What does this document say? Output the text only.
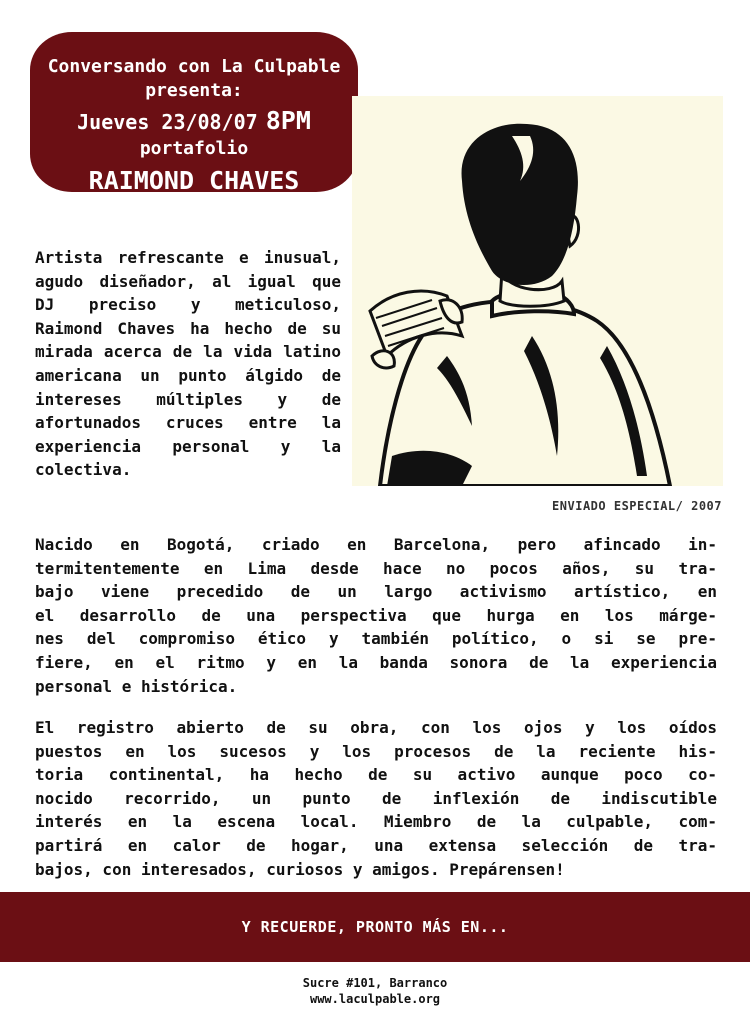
Conversando con La Culpable
presenta:
Jueves 23/08/07 8PM
portafolio
RAIMOND CHAVES
ENVIADO ESPECIAL/ 2007
Artista refrescante e inusual, agudo diseñador, al igual que DJ preciso y meticuloso, Raimond Chaves ha hecho de su mirada acerca de la vida latino americana un punto álgido de intereses múltiples y de afortunados cruces entre la experiencia personal y la colectiva.
Nacido en Bogotá, criado en Barcelona, pero afincado in-
termitentemente en Lima desde hace no pocos años, su tra-
bajo viene precedido de un largo activismo artístico, en
el desarrollo de una perspectiva que hurga en los márge-
nes del compromiso ético y también político, o si se pre-
fiere, en el ritmo y en la banda sonora de la experiencia
personal e histórica.
El registro abierto de su obra, con los ojos y los oídos
puestos en los sucesos y los procesos de la reciente his-
toria continental, ha hecho de su activo aunque poco co-
nocido recorrido, un punto de inflexión de indiscutible
interés en la escena local. Miembro de la culpable, com-
partirá en calor de hogar, una extensa selección de tra-
bajos, con interesados, curiosos y amigos. Prepárensen!
Y RECUERDE, PRONTO MÁS EN...
Sucre #101, Barranco
www.laculpable.org
